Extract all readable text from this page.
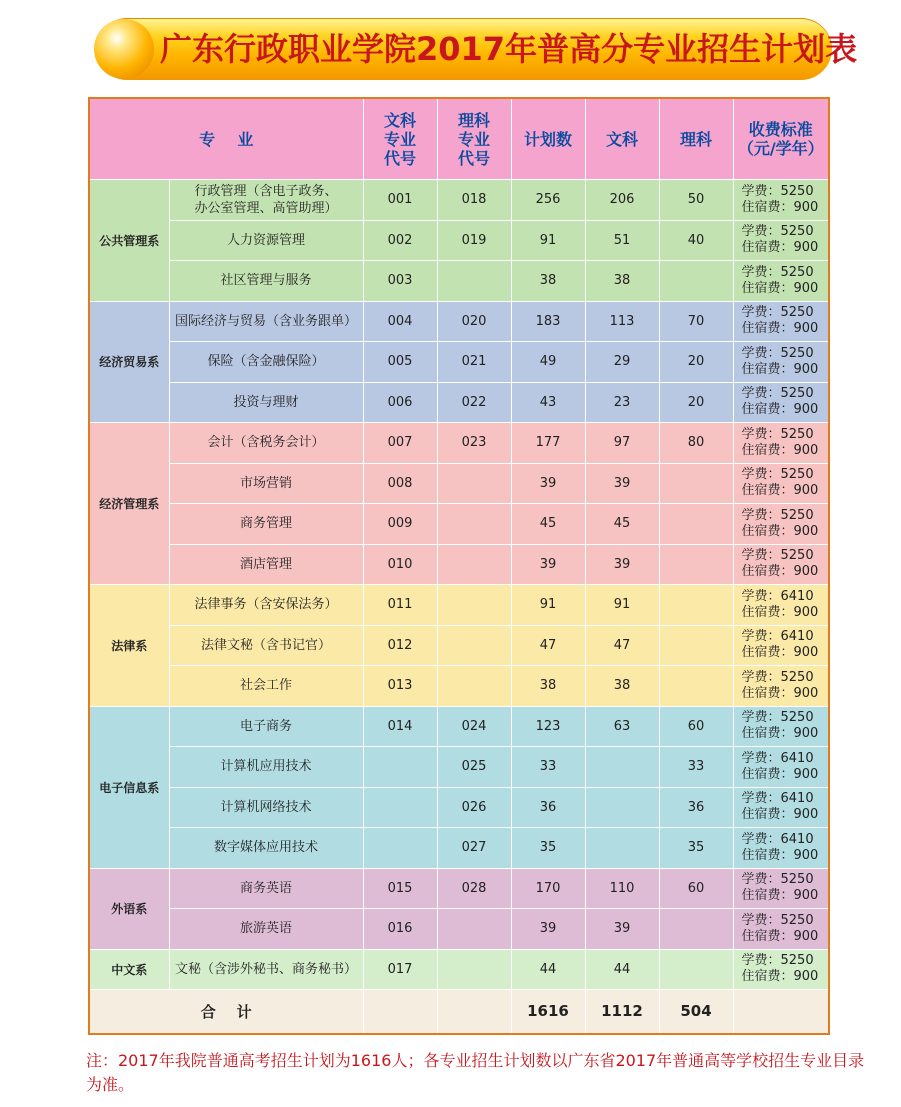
广东行政职业学院2017年普高分专业招生计划表
专    业		文科
专业
代号	理科
专业
代号	计划数	文科	理科	收费标准
（元/学年）
公共管理系	行政管理（含电子政务、
办公室管理、高管助理）	001	018	256	206	50	学费：5250
住宿费：900

	人力资源管理	002	019	91	51	40	学费：5250
住宿费：900

	社区管理与服务	003		38	38		学费：5250
住宿费：900

经济贸易系	国际经济与贸易（含业务跟单）	004	020	183	113	70	学费：5250
住宿费：900

	保险（含金融保险）	005	021	49	29	20	学费：5250
住宿费：900

	投资与理财	006	022	43	23	20	学费：5250
住宿费：900

经济管理系	会计（含税务会计）	007	023	177	97	80	学费：5250
住宿费：900

	市场营销	008		39	39		学费：5250
住宿费：900

	商务管理	009		45	45		学费：5250
住宿费：900

	酒店管理	010		39	39		学费：5250
住宿费：900

法律系	法律事务（含安保法务）	011		91	91		学费：6410
住宿费：900

	法律文秘（含书记官）	012		47	47		学费：6410
住宿费：900

	社会工作	013		38	38		学费：5250
住宿费：900

电子信息系	电子商务	014	024	123	63	60	学费：5250
住宿费：900

	计算机应用技术		025	33		33	学费：6410
住宿费：900

	计算机网络技术		026	36		36	学费：6410
住宿费：900

	数字媒体应用技术		027	35		35	学费：6410
住宿费：900

外语系	商务英语	015	028	170	110	60	学费：5250
住宿费：900

	旅游英语	016		39	39		学费：5250
住宿费：900

中文系	文秘（含涉外秘书、商务秘书）	017		44	44		学费：5250
住宿费：900

合    计				1616	1112	504	
注：2017年我院普通高考招生计划为1616人；各专业招生计划数以广东省2017年普通高等学校招生专业目录为准。
